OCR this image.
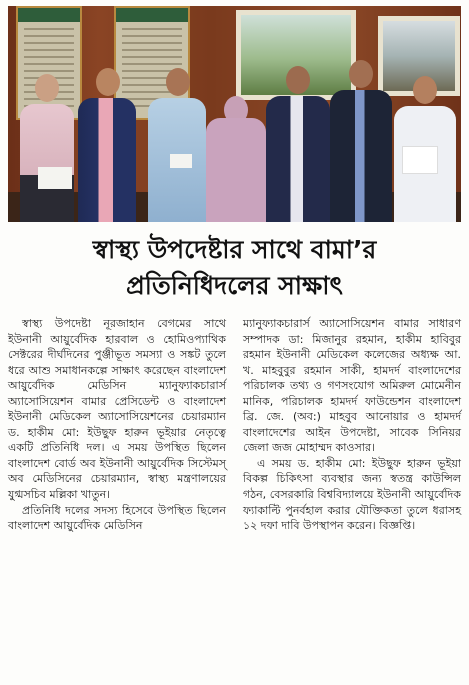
স্বাস্থ্য উপদেষ্টার সাথে বামা’র
প্রতিনিধিদলের সাক্ষাৎ

স্বাস্থ্য উপদেষ্টা নূরজাহান বেগমের সাথে ইউনানী আয়ুর্বেদিক হারবাল ও হোমিওপ্যাথিক সেক্টরের দীর্ঘদিনের পুঞ্জীভূত সমস্যা ও সঙ্কট তুলে ধরে আশু সমাধানকল্পে সাক্ষাৎ করেছেন বাংলাদেশ আয়ুর্বেদিক মেডিসিন ম্যানুফ্যাকচারার্স অ্যাসোসিয়েশন বামার প্রেসিডেন্ট ও বাংলাদেশ ইউনানী মেডিকেল অ্যাসোসিয়েশনের চেয়ারম্যান ড. হাকীম মো: ইউছুফ হারুন ভূইয়ার নেতৃত্বে একটি প্রতিনিধি দল। এ সময় উপস্থিত ছিলেন বাংলাদেশ বোর্ড অব ইউনানী আয়ুর্বেদিক সিস্টেমস্ অব মেডিসিনের চেয়ারম্যান, স্বাস্থ্য মন্ত্রণালয়ের যুগ্মসচিব মল্লিকা খাতুন।

প্রতিনিধি দলের সদস্য হিসেবে উপস্থিত ছিলেন বাংলাদেশ আয়ুর্বেদিক মেডিসিন

ম্যানুফ্যাকচারার্স অ্যাসোসিয়েশন বামার সাধারণ সম্পাদক ডা: মিজানুর রহমান, হাকীম হাবিবুর রহমান ইউনানী মেডিকেল কলেজের অধ্যক্ষ আ. খ. মাহবুবুর রহমান সাকী, হামদর্দ বাংলাদেশের পরিচালক তথ্য ও গণসংযোগ অমিরুল মোমেনীন মানিক, পরিচালক হামদর্দ ফাউন্ডেশন বাংলাদেশ ব্রি. জে. (অব:) মাহবুব আনোয়ার ও হামদর্দ বাংলাদেশের আইন উপদেষ্টা, সাবেক সিনিয়র জেলা জজ মোহাম্মদ কাওসার।

এ সময় ড. হাকীম মো: ইউছুফ হারুন ভূইয়া বিকল্প চিকিৎসা ব্যবস্থার জন্য স্বতন্ত্র কাউন্সিল গঠন, বেসরকারি বিশ্ববিদ্যালয়ে ইউনানী আয়ুর্বেদিক ফ্যাকাল্টি পুনর্বহাল করার যৌক্তিকতা তুলে ধরাসহ ১২ দফা দাবি উপস্থাপন করেন। বিজ্ঞপ্তি।
